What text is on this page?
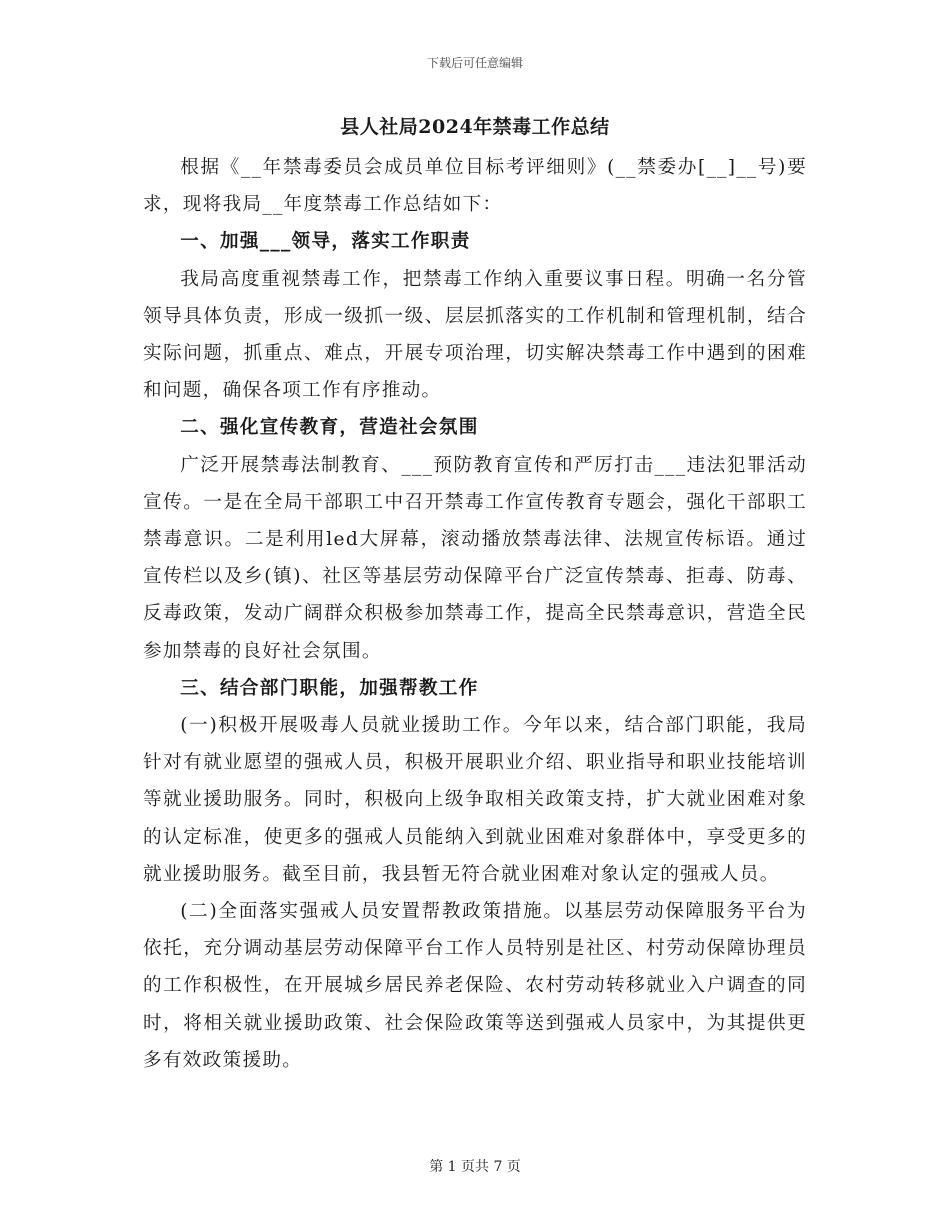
下载后可任意编辑
县人社局2024年禁毒工作总结

根据《__年禁毒委员会成员单位目标考评细则》(__禁委办[__]__号)要求，现将我局__年度禁毒工作总结如下：

一、加强___领导，落实工作职责

我局高度重视禁毒工作，把禁毒工作纳入重要议事日程。明确一名分管领导具体负责，形成一级抓一级、层层抓落实的工作机制和管理机制，结合实际问题，抓重点、难点，开展专项治理，切实解决禁毒工作中遇到的困难和问题，确保各项工作有序推动。

二、强化宣传教育，营造社会氛围

广泛开展禁毒法制教育、___预防教育宣传和严厉打击___违法犯罪活动宣传。一是在全局干部职工中召开禁毒工作宣传教育专题会，强化干部职工禁毒意识。二是利用led大屏幕，滚动播放禁毒法律、法规宣传标语。通过宣传栏以及乡(镇)、社区等基层劳动保障平台广泛宣传禁毒、拒毒、防毒、反毒政策，发动广阔群众积极参加禁毒工作，提高全民禁毒意识，营造全民参加禁毒的良好社会氛围。

三、结合部门职能，加强帮教工作

(一)积极开展吸毒人员就业援助工作。今年以来，结合部门职能，我局针对有就业愿望的强戒人员，积极开展职业介绍、职业指导和职业技能培训等就业援助服务。同时，积极向上级争取相关政策支持，扩大就业困难对象的认定标准，使更多的强戒人员能纳入到就业困难对象群体中，享受更多的就业援助服务。截至目前，我县暂无符合就业困难对象认定的强戒人员。

(二)全面落实强戒人员安置帮教政策措施。以基层劳动保障服务平台为依托，充分调动基层劳动保障平台工作人员特别是社区、村劳动保障协理员的工作积极性，在开展城乡居民养老保险、农村劳动转移就业入户调查的同时，将相关就业援助政策、社会保险政策等送到强戒人员家中，为其提供更多有效政策援助。

第 1 页共 7 页
